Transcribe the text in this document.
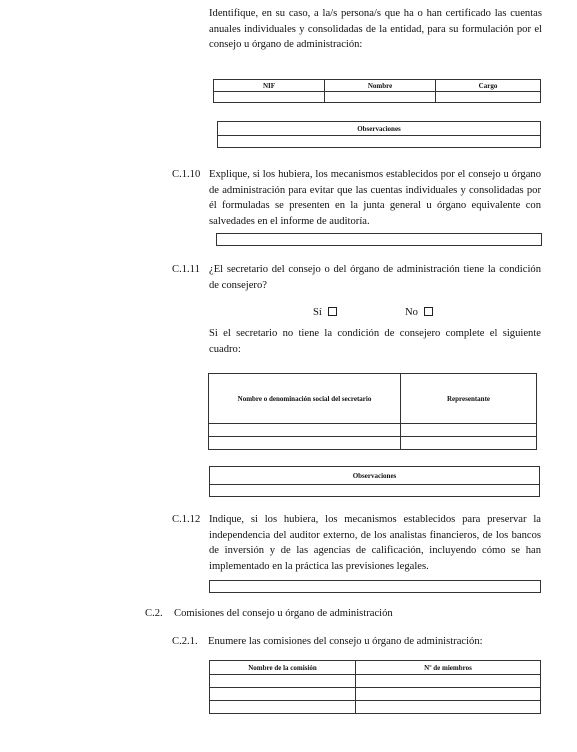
Identifique, en su caso, a la/s persona/s que ha o han certificado las cuentas anuales individuales y consolidadas de la entidad, para su formulación por el consejo u órgano de administración:
NIF	Nombre	Cargo

Observaciones

C.1.10 Explique, si los hubiera, los mecanismos establecidos por el consejo u órgano de administración para evitar que las cuentas individuales y consolidadas por él formuladas se presenten en la junta general u órgano equivalente con salvedades en el informe de auditoría.
C.1.11 ¿El secretario del consejo o del órgano de administración tiene la condición de consejero?
Sí	No
Si el secretario no tiene la condición de consejero complete el siguiente cuadro:
Nombre o denominación social del secretario	Representante

Observaciones

C.1.12 Indique, si los hubiera, los mecanismos establecidos para preservar la independencia del auditor externo, de los analistas financieros, de los bancos de inversión y de las agencias de calificación, incluyendo cómo se han implementado en la práctica las previsiones legales.
C.2. Comisiones del consejo u órgano de administración
C.2.1. Enumere las comisiones del consejo u órgano de administración:
Nombre de la comisión	Nº de miembros
